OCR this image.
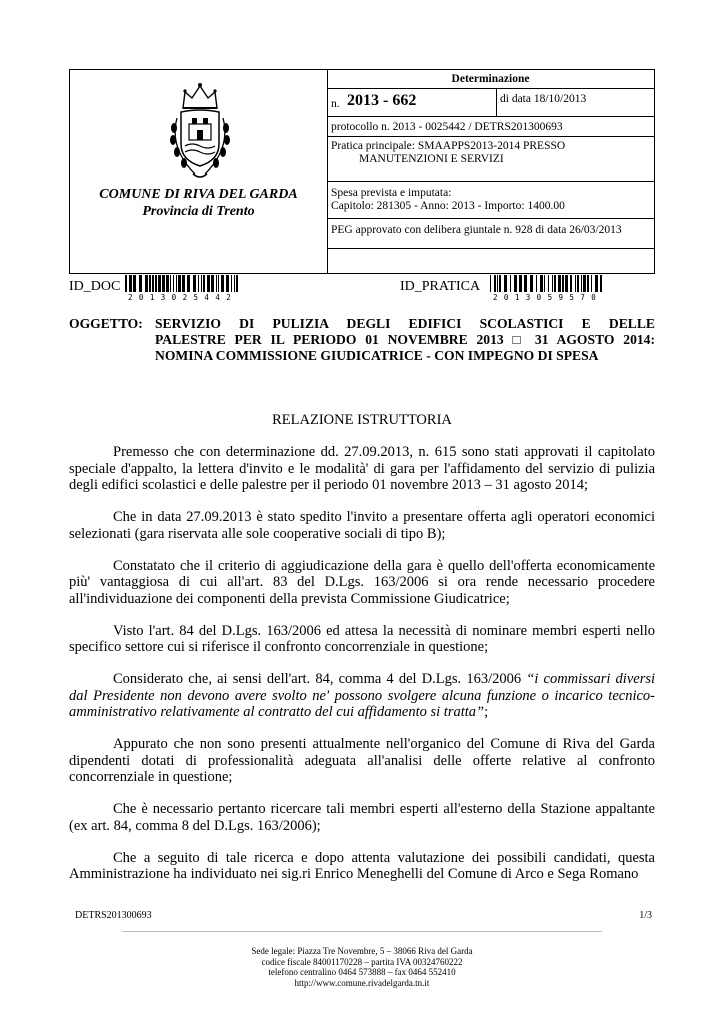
COMUNE DI RIVA DEL GARDA
Provincia di Trento
Determinazione
n. 2013 - 662	di data 18/10/2013
protocollo n. 2013 - 0025442 / DETRS201300693
Pratica principale: SMAAPPS2013-2014 PRESSO
MANUTENZIONI E SERVIZI
Spesa prevista e imputata:
Capitolo: 281305 - Anno: 2013 - Importo: 1400.00
PEG approvato con delibera giuntale n. 928 di data 26/03/2013
ID_DOC
2013025442
ID_PRATICA
2013059570
OGGETTO: SERVIZIO DI PULIZIA DEGLI EDIFICI SCOLASTICI E DELLE
PALESTRE PER IL PERIODO 01 NOVEMBRE 2013 □ 31 AGOSTO 2014:
NOMINA COMMISSIONE GIUDICATRICE - CON IMPEGNO DI SPESA
RELAZIONE ISTRUTTORIA

Premesso che con determinazione dd. 27.09.2013, n. 615 sono stati approvati il capitolato speciale d'appalto, la lettera d'invito e le modalità' di gara per l'affidamento del servizio di pulizia degli edifici scolastici e delle palestre per il periodo 01 novembre 2013 – 31 agosto 2014;

Che in data 27.09.2013 è stato spedito l'invito a presentare offerta agli operatori economici selezionati (gara riservata alle sole cooperative sociali di tipo B);

Constatato che il criterio di aggiudicazione della gara è quello dell'offerta economicamente più' vantaggiosa di cui all'art. 83 del D.Lgs. 163/2006 si ora rende necessario procedere all'individuazione dei componenti della prevista Commissione Giudicatrice;

Visto l'art. 84 del D.Lgs. 163/2006 ed attesa la necessità di nominare membri esperti nello specifico settore cui si riferisce il confronto concorrenziale in questione;

Considerato che, ai sensi dell'art. 84, comma 4 del D.Lgs. 163/2006 “i commissari diversi dal Presidente non devono avere svolto ne' possono svolgere alcuna funzione o incarico tecnico-amministrativo relativamente al contratto del cui affidamento si tratta”;

Appurato che non sono presenti attualmente nell'organico del Comune di Riva del Garda dipendenti dotati di professionalità adeguata all'analisi delle offerte relative al confronto concorrenziale in questione;

Che è necessario pertanto ricercare tali membri esperti all'esterno della Stazione appaltante (ex art. 84, comma 8 del D.Lgs. 163/2006);

Che a seguito di tale ricerca e dopo attenta valutazione dei possibili candidati, questa Amministrazione ha individuato nei sig.ri Enrico Meneghelli del Comune di Arco e Sega Romano

DETRS201300693	1/3
Sede legale: Piazza Tre Novembre, 5 – 38066 Riva del Garda
codice fiscale 84001170228 – partita IVA 00324760222
telefono centralino 0464 573888 – fax 0464 552410
http://www.comune.rivadelgarda.tn.it
